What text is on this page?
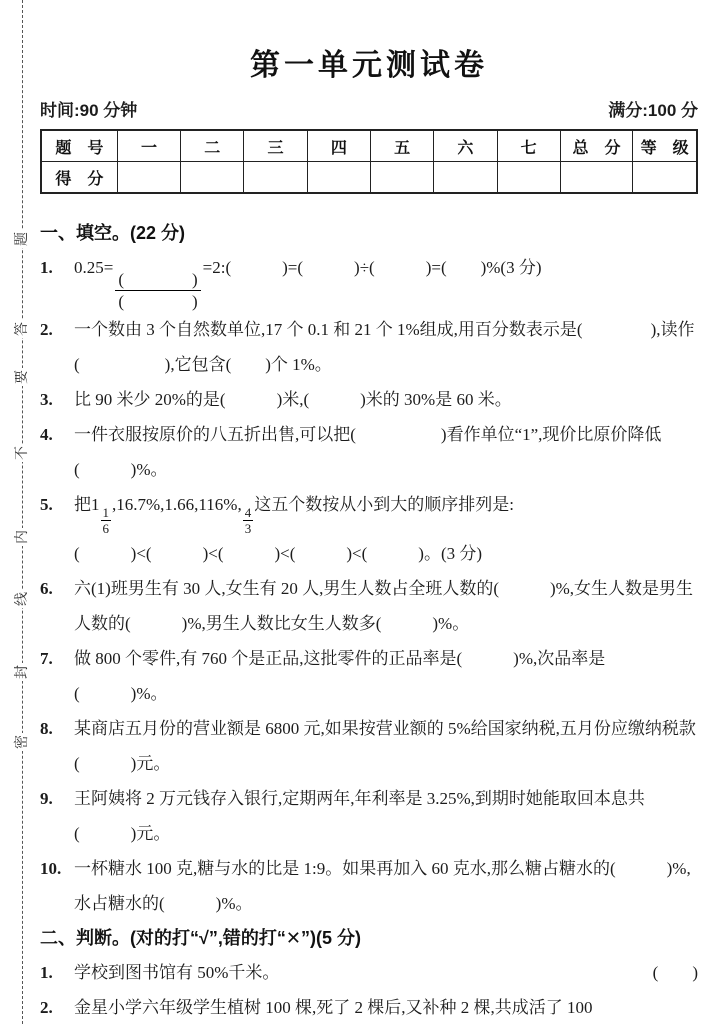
题
答
要
不
内
线
封
密
第一单元测试卷
时间:90 分钟	满分:100 分
题　号	一	二	三	四	五	六	七	总　分	等　级
得　分									
一、填空。(22 分)
1.	0.25=
$\frac{( )}{( )}$
=2:(　　　)=(　　　)÷(　　　)=(　　)%(3 分)
2.	一个数由 3 个自然数单位,17 个 0.1 和 21 个 1%组成,用百分数表示是(　　　　),读作(　　　　　),它包含(　　)个 1%。
3.	比 90 米少 20%的是(　　　)米,(　　　)米的 30%是 60 米。
4.	一件衣服按原价的八五折出售,可以把(　　　　　)看作单位“1”,现价比原价降低(　　　)%。
5.	把1
$\frac{1}{6}$
,16.7%,1.66,116%,
$\frac{4}{3}$
这五个数按从小到大的顺序排列是:
(　　　)<(　　　)<(　　　)<(　　　)<(　　　)。(3 分)
6.	六(1)班男生有 30 人,女生有 20 人,男生人数占全班人数的(　　　)%,女生人数是男生人数的(　　　)%,男生人数比女生人数多(　　　)%。
7.	做 800 个零件,有 760 个是正品,这批零件的正品率是(　　　)%,次品率是(　　　)%。
8.	某商店五月份的营业额是 6800 元,如果按营业额的 5%给国家纳税,五月份应缴纳税款(　　　)元。
9.	王阿姨将 2 万元钱存入银行,定期两年,年利率是 3.25%,到期时她能取回本息共(　　　)元。
10. 一杯糖水 100 克,糖与水的比是 1:9。如果再加入 60 克水,那么糖占糖水的(　　　)%,水占糖水的(　　　)%。
二、判断。(对的打“√”,错的打“✕”)(5 分)
1.	学校到图书馆有 50%千米。	(　　)
2.	金星小学六年级学生植树 100 棵,死了 2 棵后,又补种 2 棵,共成活了 100
